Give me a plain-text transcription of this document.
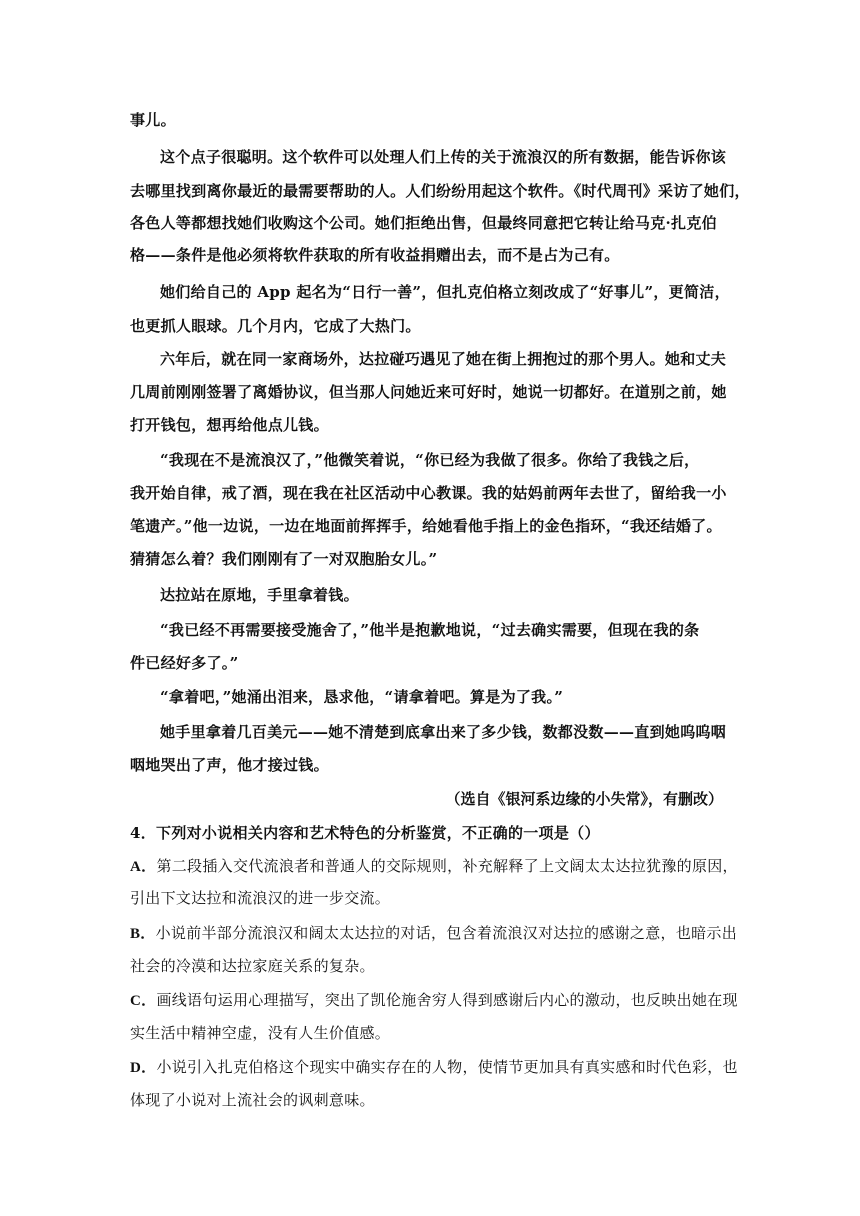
事儿。
这个点子很聪明。这个软件可以处理人们上传的关于流浪汉的所有数据，能告诉你该
去哪里找到离你最近的最需要帮助的人。人们纷纷用起这个软件。《时代周刊》采访了她们，
各色人等都想找她们收购这个公司。她们拒绝出售，但最终同意把它转让给马克·扎克伯
格——条件是他必须将软件获取的所有收益捐赠出去，而不是占为己有。
她们给自己的 App 起名为“日行一善”，但扎克伯格立刻改成了“好事儿”，更简洁，
也更抓人眼球。几个月内，它成了大热门。
六年后，就在同一家商场外，达拉碰巧遇见了她在街上拥抱过的那个男人。她和丈夫
几周前刚刚签署了离婚协议，但当那人问她近来可好时，她说一切都好。在道别之前，她
打开钱包，想再给他点儿钱。
“我现在不是流浪汉了，”他微笑着说，“你已经为我做了很多。你给了我钱之后，
我开始自律，戒了酒，现在我在社区活动中心教课。我的姑妈前两年去世了，留给我一小
笔遗产。”他一边说，一边在地面前挥挥手，给她看他手指上的金色指环，“我还结婚了。
猜猜怎么着？我们刚刚有了一对双胞胎女儿。”
达拉站在原地，手里拿着钱。
“我已经不再需要接受施舍了，”他半是抱歉地说，“过去确实需要，但现在我的条
件已经好多了。”
“拿着吧，”她涌出泪来，恳求他，“请拿着吧。算是为了我。”
她手里拿着几百美元——她不清楚到底拿出来了多少钱，数都没数——直到她呜呜咽
咽地哭出了声，他才接过钱。
（选自《银河系边缘的小失常》，有删改）
4．下列对小说相关内容和艺术特色的分析鉴赏，不正确的一项是（）
A．第二段插入交代流浪者和普通人的交际规则，补充解释了上文阔太太达拉犹豫的原因，
引出下文达拉和流浪汉的进一步交流。
B．小说前半部分流浪汉和阔太太达拉的对话，包含着流浪汉对达拉的感谢之意，也暗示出
社会的冷漠和达拉家庭关系的复杂。
C．画线语句运用心理描写，突出了凯伦施舍穷人得到感谢后内心的激动，也反映出她在现
实生活中精神空虚，没有人生价值感。
D．小说引入扎克伯格这个现实中确实存在的人物，使情节更加具有真实感和时代色彩，也
体现了小说对上流社会的讽刺意味。
